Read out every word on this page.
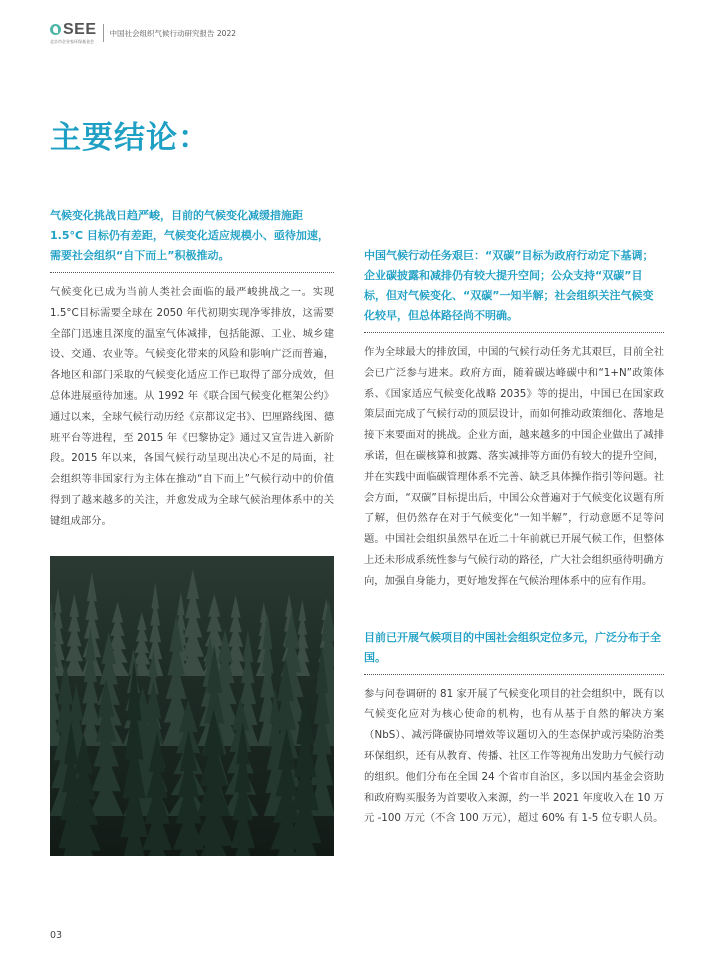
SEE
北京市企业家环保基金会
中国社会组织气候行动研究报告 2022
主要结论：

气候变化挑战日趋严峻，目前的气候变化减缓措施距 1.5°C 目标仍有差距，气候变化适应规模小、亟待加速，需要社会组织“自下而上”积极推动。

气候变化已成为当前人类社会面临的最严峻挑战之一。实现 1.5°C目标需要全球在 2050 年代初期实现净零排放，这需要全部门迅速且深度的温室气体减排，包括能源、工业、城乡建设、交通、农业等。气候变化带来的风险和影响广泛而普遍，各地区和部门采取的气候变化适应工作已取得了部分成效，但总体进展亟待加速。从 1992 年《联合国气候变化框架公约》通过以来，全球气候行动历经《京都议定书》、巴厘路线图、德班平台等进程，至 2015 年《巴黎协定》通过又宣告进入新阶段。2015 年以来，各国气候行动呈现出决心不足的局面，社会组织等非国家行为主体在推动“自下而上”气候行动中的价值得到了越来越多的关注，并愈发成为全球气候治理体系中的关键组成部分。

中国气候行动任务艰巨：“双碳”目标为政府行动定下基调；企业碳披露和减排仍有较大提升空间；公众支持“双碳”目标，但对气候变化、“双碳”一知半解；社会组织关注气候变化较早，但总体路径尚不明确。

作为全球最大的排放国，中国的气候行动任务尤其艰巨，目前全社会已广泛参与进来。政府方面，随着碳达峰碳中和“1+N”政策体系、《国家适应气候变化战略 2035》等的提出，中国已在国家政策层面完成了气候行动的顶层设计，而如何推动政策细化、落地是接下来要面对的挑战。企业方面，越来越多的中国企业做出了减排承诺，但在碳核算和披露、落实减排等方面仍有较大的提升空间，并在实践中面临碳管理体系不完善、缺乏具体操作指引等问题。社会方面，“双碳”目标提出后，中国公众普遍对于气候变化议题有所了解，但仍然存在对于气候变化“一知半解”，行动意愿不足等问题。中国社会组织虽然早在近二十年前就已开展气候工作，但整体上还未形成系统性参与气候行动的路径，广大社会组织亟待明确方向，加强自身能力，更好地发挥在气候治理体系中的应有作用。

目前已开展气候项目的中国社会组织定位多元，广泛分布于全国。

参与问卷调研的 81 家开展了气候变化项目的社会组织中，既有以气候变化应对为核心使命的机构，也有从基于自然的解决方案（NbS）、减污降碳协同增效等议题切入的生态保护或污染防治类环保组织，还有从教育、传播、社区工作等视角出发助力气候行动的组织。他们分布在全国 24 个省市自治区，多以国内基金会资助和政府购买服务为首要收入来源，约一半 2021 年度收入在 10 万元 -100 万元（不含 100 万元），超过 60% 有 1-5 位专职人员。

03
